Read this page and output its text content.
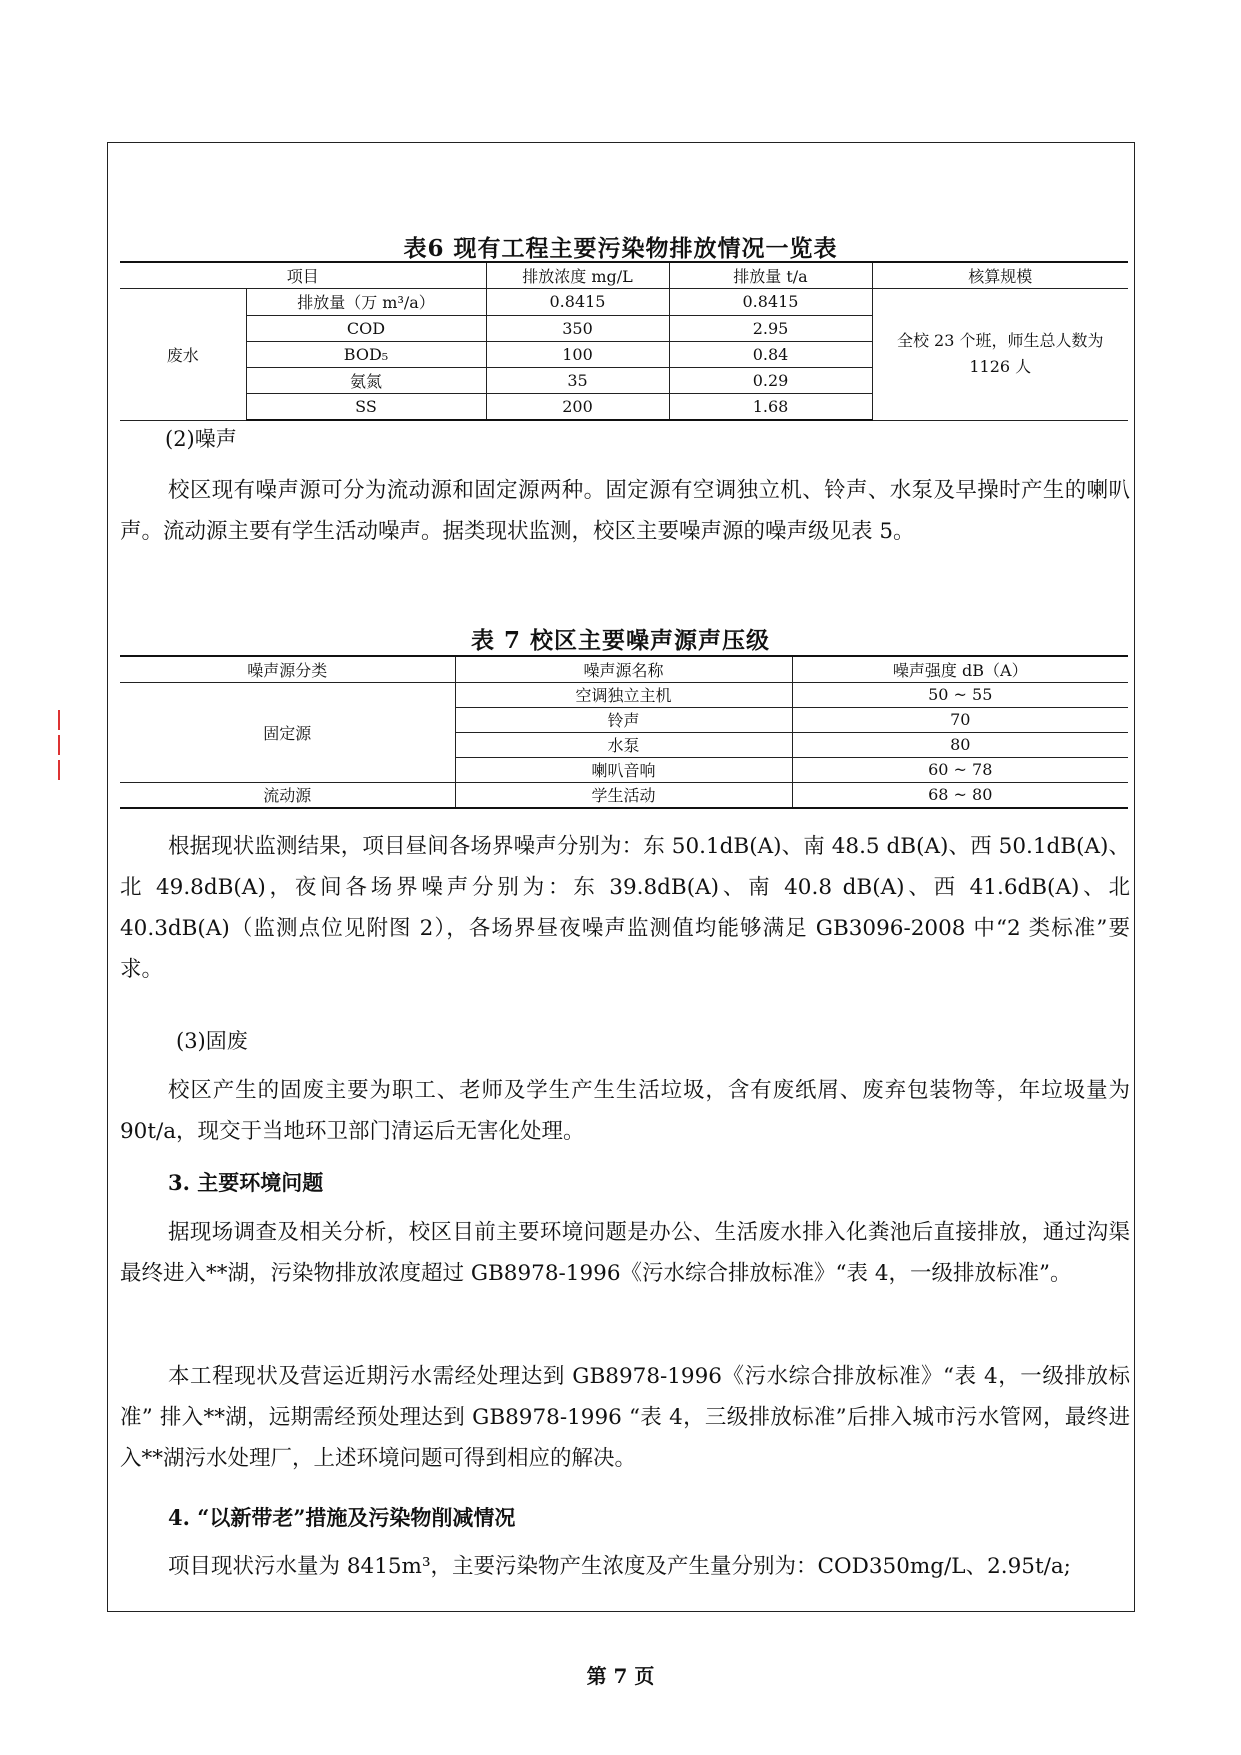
表6 现有工程主要污染物排放情况一览表
项目		排放浓度 mg/L	排放量 t/a	核算规模
废水	排放量（万 m³/a）	0.8415	0.8415	全校 23 个班，师生总人数为 1126 人
	COD	350	2.95	
	BOD₅	100	0.84	
	氨氮	35	0.29	
	SS	200	1.68	
(2)噪声
校区现有噪声源可分为流动源和固定源两种。固定源有空调独立机、铃声、水泵及早操时产生的喇叭声。流动源主要有学生活动噪声。据类现状监测，校区主要噪声源的噪声级见表 5。
表 7 校区主要噪声源声压级
噪声源分类	噪声源名称	噪声强度 dB（A）
固定源	空调独立主机	50 ~ 55
	铃声	70
	水泵	80
	喇叭音响	60 ~ 78
流动源	学生活动	68 ~ 80
根据现状监测结果，项目昼间各场界噪声分别为：东 50.1dB(A)、南 48.5 dB(A)、西 50.1dB(A)、北 49.8dB(A)，夜间各场界噪声分别为：东 39.8dB(A)、南 40.8 dB(A)、西 41.6dB(A)、北 40.3dB(A)（监测点位见附图 2），各场界昼夜噪声监测值均能够满足 GB3096-2008 中“2 类标准”要求。
(3)固废
校区产生的固废主要为职工、老师及学生产生生活垃圾，含有废纸屑、废弃包装物等，年垃圾量为 90t/a，现交于当地环卫部门清运后无害化处理。
3. 主要环境问题
据现场调查及相关分析，校区目前主要环境问题是办公、生活废水排入化粪池后直接排放，通过沟渠最终进入**湖，污染物排放浓度超过 GB8978-1996《污水综合排放标准》“表 4，一级排放标准”。
本工程现状及营运近期污水需经处理达到 GB8978-1996《污水综合排放标准》“表 4，一级排放标准” 排入**湖，远期需经预处理达到 GB8978-1996 “表 4，三级排放标准”后排入城市污水管网，最终进入**湖污水处理厂，上述环境问题可得到相应的解决。
4. “以新带老”措施及污染物削减情况
项目现状污水量为 8415m³，主要污染物产生浓度及产生量分别为：COD350mg/L、2.95t/a;
第 7 页
